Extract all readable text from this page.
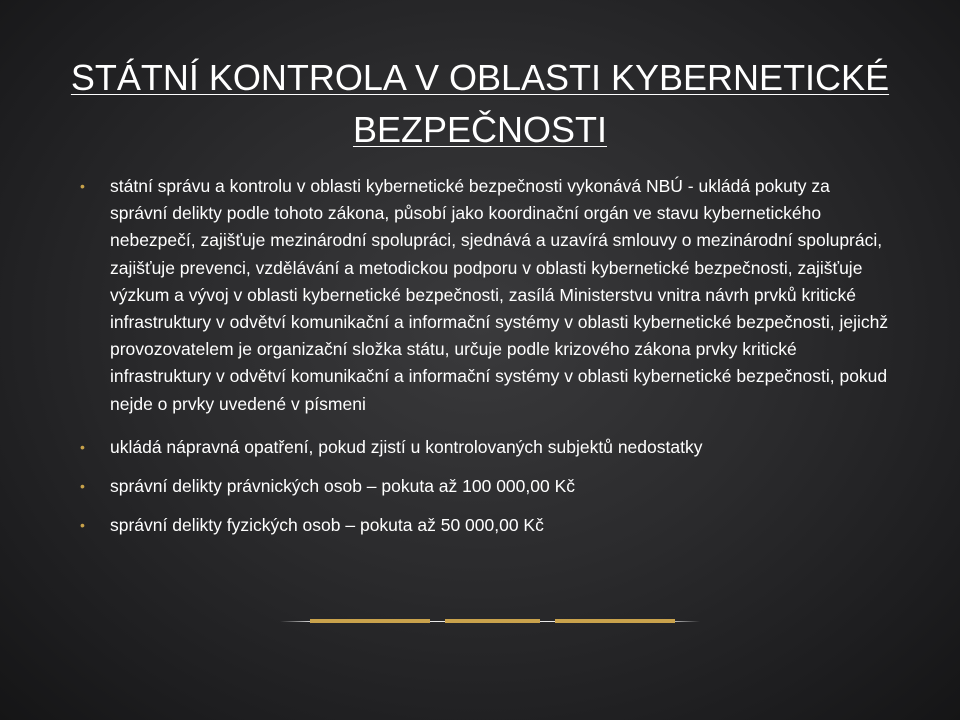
STÁTNÍ KONTROLA V OBLASTI KYBERNETICKÉ BEZPEČNOSTI
• státní správu a kontrolu v oblasti kybernetické bezpečnosti vykonává NBÚ - ukládá pokuty za správní delikty podle tohoto zákona, působí jako koordinační orgán ve stavu kybernetického nebezpečí, zajišťuje mezinárodní spolupráci, sjednává a uzavírá smlouvy o mezinárodní spolupráci, zajišťuje prevenci, vzdělávání a metodickou podporu v oblasti kybernetické bezpečnosti, zajišťuje výzkum a vývoj v oblasti kybernetické bezpečnosti, zasílá Ministerstvu vnitra návrh prvků kritické infrastruktury v odvětví komunikační a informační systémy v oblasti kybernetické bezpečnosti, jejichž provozovatelem je organizační složka státu, určuje podle krizového zákona prvky kritické infrastruktury v odvětví komunikační a informační systémy v oblasti kybernetické bezpečnosti, pokud nejde o prvky uvedené v písmeni
• ukládá nápravná opatření, pokud zjistí u kontrolovaných subjektů nedostatky
• správní delikty právnických osob – pokuta až 100 000,00 Kč
• správní delikty fyzických osob – pokuta až 50 000,00 Kč
